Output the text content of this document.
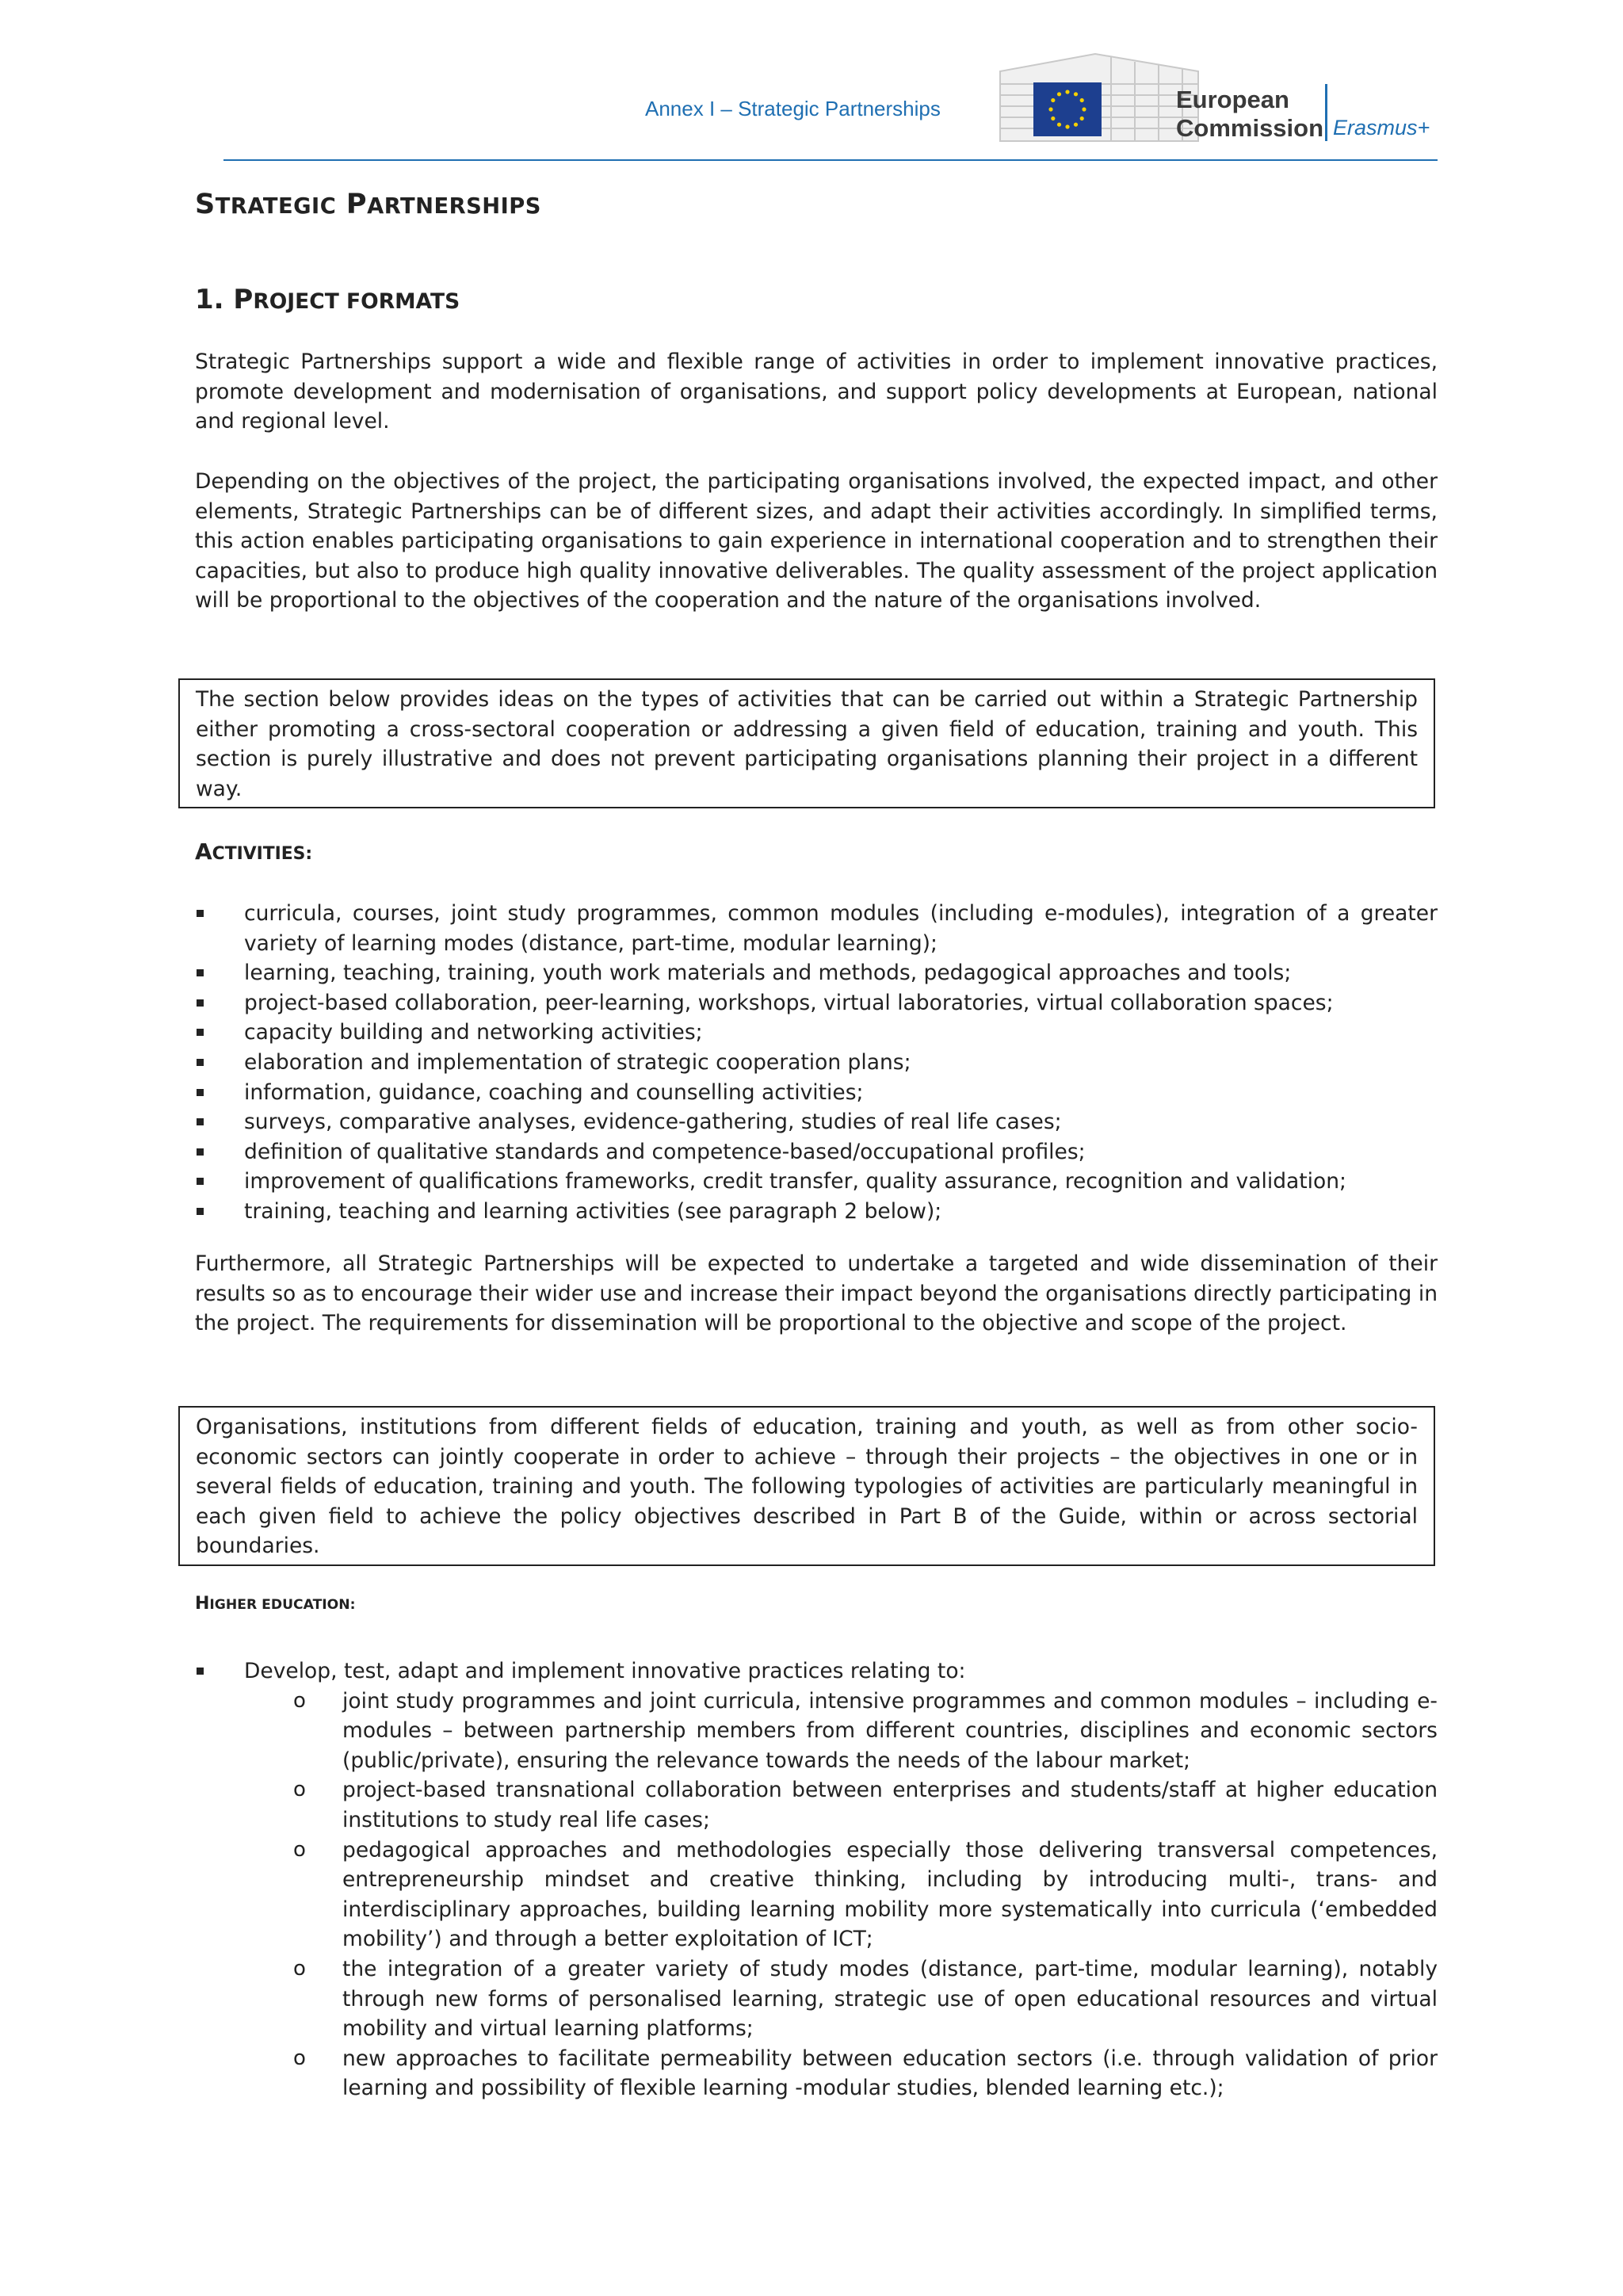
Annex I – Strategic Partnerships	European
Commission Erasmus+
STRATEGIC PARTNERSHIPS
1. PROJECT FORMATS

Strategic Partnerships support a wide and flexible range of activities in order to implement innovative practices, promote development and modernisation of organisations, and support policy developments at European, national and regional level.

Depending on the objectives of the project, the participating organisations involved, the expected impact, and other elements, Strategic Partnerships can be of different sizes, and adapt their activities accordingly. In simplified terms, this action enables participating organisations to gain experience in international cooperation and to strengthen their capacities, but also to produce high quality innovative deliverables. The quality assessment of the project application will be proportional to the objectives of the cooperation and the nature of the organisations involved.

The section below provides ideas on the types of activities that can be carried out within a Strategic Partnership either promoting a cross-sectoral cooperation or addressing a given field of education, training and youth. This section is purely illustrative and does not prevent participating organisations planning their project in a different way.

ACTIVITIES:
curricula, courses, joint study programmes, common modules (including e-modules), integration of a greater variety of learning modes (distance, part-time, modular learning);
learning, teaching, training, youth work materials and methods, pedagogical approaches and tools;
project-based collaboration, peer-learning, workshops, virtual laboratories, virtual collaboration spaces;
capacity building and networking activities;
elaboration and implementation of strategic cooperation plans;
information, guidance, coaching and counselling activities;
surveys, comparative analyses, evidence-gathering, studies of real life cases;
definition of qualitative standards and competence-based/occupational profiles;
improvement of qualifications frameworks, credit transfer, quality assurance, recognition and validation;
training, teaching and learning activities (see paragraph 2 below);

Furthermore, all Strategic Partnerships will be expected to undertake a targeted and wide dissemination of their results so as to encourage their wider use and increase their impact beyond the organisations directly participating in the project. The requirements for dissemination will be proportional to the objective and scope of the project.

Organisations, institutions from different fields of education, training and youth, as well as from other socio-economic sectors can jointly cooperate in order to achieve – through their projects – the objectives in one or in several fields of education, training and youth. The following typologies of activities are particularly meaningful in each given field to achieve the policy objectives described in Part B of the Guide, within or across sectorial boundaries.

HIGHER EDUCATION:
Develop, test, adapt and implement innovative practices relating to:
o joint study programmes and joint curricula, intensive programmes and common modules – including e-modules – between partnership members from different countries, disciplines and economic sectors (public/private), ensuring the relevance towards the needs of the labour market;
o project-based transnational collaboration between enterprises and students/staff at higher education institutions to study real life cases;
o pedagogical approaches and methodologies especially those delivering transversal competences, entrepreneurship mindset and creative thinking, including by introducing multi-, trans- and interdisciplinary approaches, building learning mobility more systematically into curricula (‘embedded mobility’) and through a better exploitation of ICT;
o the integration of a greater variety of study modes (distance, part-time, modular learning), notably through new forms of personalised learning, strategic use of open educational resources and virtual mobility and virtual learning platforms;
o new approaches to facilitate permeability between education sectors (i.e. through validation of prior learning and possibility of flexible learning -modular studies, blended learning etc.);
